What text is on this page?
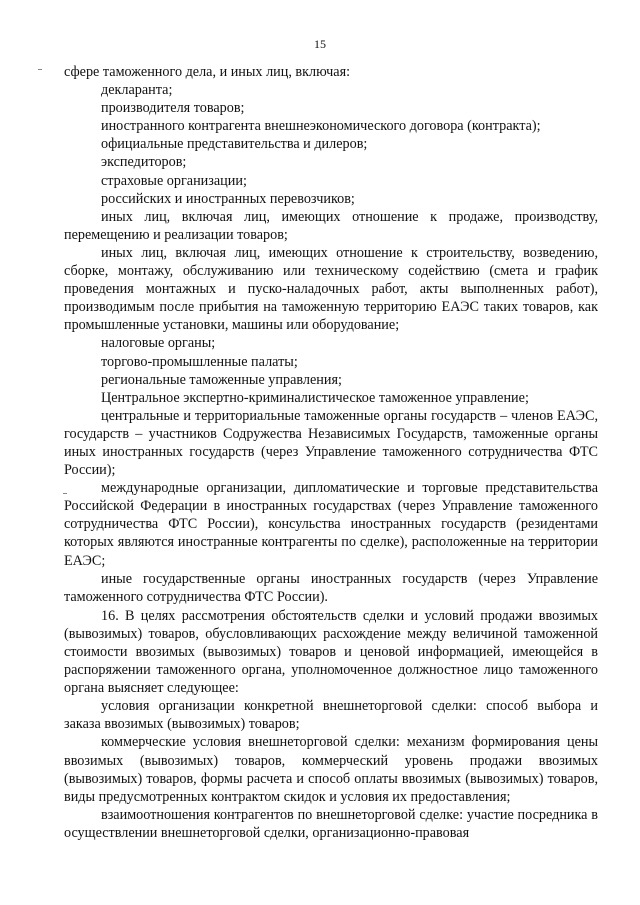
15

сфере таможенного дела, и иных лиц, включая:

декларанта;

производителя товаров;

иностранного контрагента внешнеэкономического договора (контракта);

официальные представительства и дилеров;

экспедиторов;

страховые организации;

российских и иностранных перевозчиков;

иных лиц, включая лиц, имеющих отношение к продаже, производству, перемещению и реализации товаров;

иных лиц, включая лиц, имеющих отношение к строительству, возведению, сборке, монтажу, обслуживанию или техническому содействию (смета и график проведения монтажных и пуско-наладочных работ, акты выполненных работ), производимым после прибытия на таможенную территорию ЕАЭС таких товаров, как промышленные установки, машины или оборудование;

налоговые органы;

торгово-промышленные палаты;

региональные таможенные управления;

Центральное экспертно-криминалистическое таможенное управление;

центральные и территориальные таможенные органы государств – членов ЕАЭС, государств – участников Содружества Независимых Государств, таможенные органы иных иностранных государств (через Управление таможенного сотрудничества ФТС России);

международные организации, дипломатические и торговые представительства Российской Федерации в иностранных государствах (через Управление таможенного сотрудничества ФТС России), консульства иностранных государств (резидентами которых являются иностранные контрагенты по сделке), расположенные на территории ЕАЭС;

иные государственные органы иностранных государств (через Управление таможенного сотрудничества ФТС России).

16. В целях рассмотрения обстоятельств сделки и условий продажи ввозимых (вывозимых) товаров, обусловливающих расхождение между величиной таможенной стоимости ввозимых (вывозимых) товаров и ценовой информацией, имеющейся в распоряжении таможенного органа, уполномоченное должностное лицо таможенного органа выясняет следующее:

условия организации конкретной внешнеторговой сделки: способ выбора и заказа ввозимых (вывозимых) товаров;

коммерческие условия внешнеторговой сделки: механизм формирования цены ввозимых (вывозимых) товаров, коммерческий уровень продажи ввозимых (вывозимых) товаров, формы расчета и способ оплаты ввозимых (вывозимых) товаров, виды предусмотренных контрактом скидок и условия их предоставления;

взаимоотношения контрагентов по внешнеторговой сделке: участие посредника в осуществлении внешнеторговой сделки, организационно-правовая
